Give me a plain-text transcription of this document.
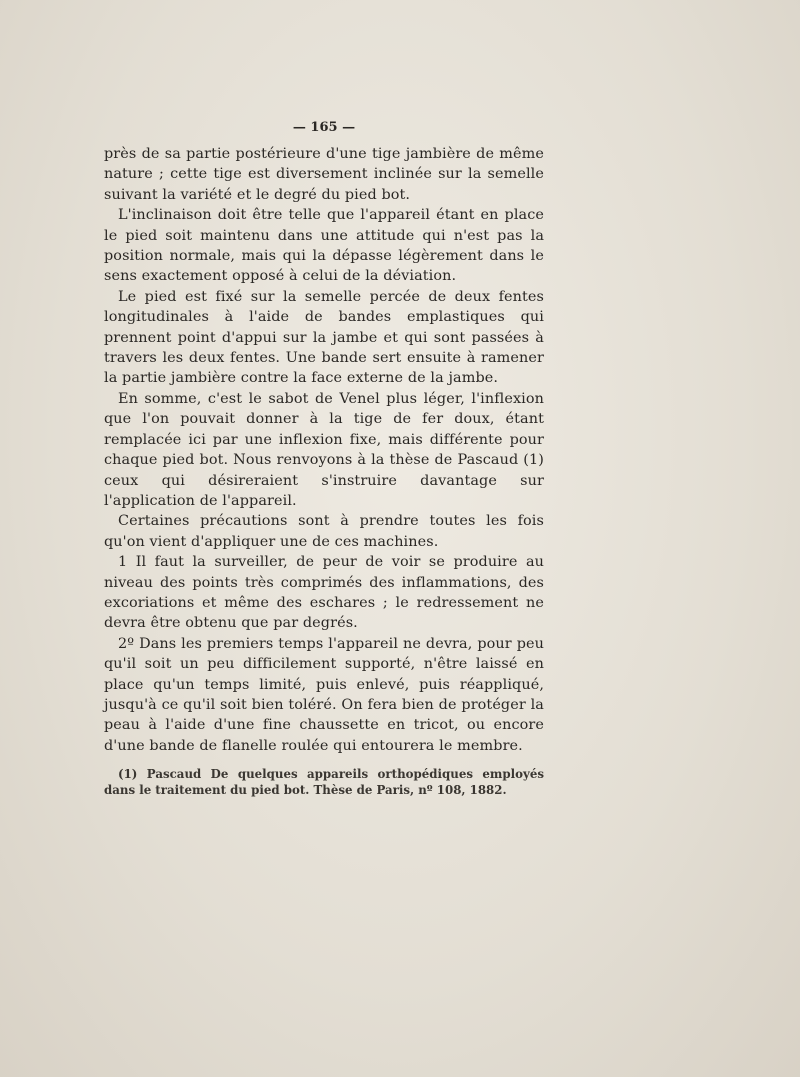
— 165 —

près de sa partie postérieure d'une tige jambière de même nature ; cette tige est diversement inclinée sur la semelle suivant la variété et le degré du pied bot.

L'inclinaison doit être telle que l'appareil étant en place le pied soit maintenu dans une attitude qui n'est pas la position normale, mais qui la dépasse légèrement dans le sens exactement opposé à celui de la déviation.

Le pied est fixé sur la semelle percée de deux fentes longitudinales à l'aide de bandes emplastiques qui prennent point d'appui sur la jambe et qui sont passées à travers les deux fentes. Une bande sert ensuite à ramener la partie jambière contre la face externe de la jambe.

En somme, c'est le sabot de Venel plus léger, l'inflexion que l'on pouvait donner à la tige de fer doux, étant remplacée ici par une inflexion fixe, mais différente pour chaque pied bot. Nous renvoyons à la thèse de Pascaud (1) ceux qui désireraient s'instruire davantage sur l'application de l'appareil.

Certaines précautions sont à prendre toutes les fois qu'on vient d'appliquer une de ces machines.

1 Il faut la surveiller, de peur de voir se produire au niveau des points très comprimés des inflammations, des excoriations et même des eschares ; le redressement ne devra être obtenu que par degrés.

2º Dans les premiers temps l'appareil ne devra, pour peu qu'il soit un peu difficilement supporté, n'être laissé en place qu'un temps limité, puis enlevé, puis réappliqué, jusqu'à ce qu'il soit bien toléré. On fera bien de protéger la peau à l'aide d'une fine chaussette en tricot, ou encore d'une bande de flanelle roulée qui entourera le membre.

(1) Pascaud De quelques appareils orthopédiques employés dans le traitement du pied bot. Thèse de Paris, nº 108, 1882.
